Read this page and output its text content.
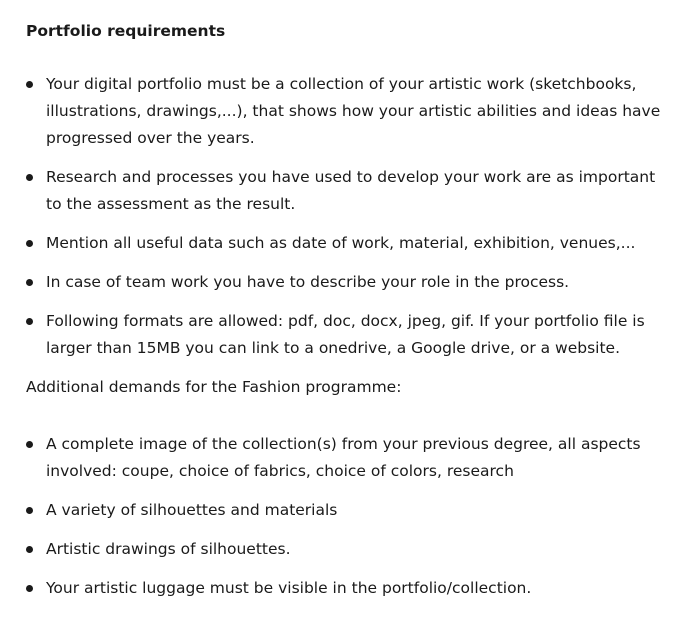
Portfolio requirements
Your digital portfolio must be a collection of your artistic work (sketchbooks, illustrations, drawings,...), that shows how your artistic abilities and ideas have progressed over the years.
Research and processes you have used to develop your work are as important to the assessment as the result.
Mention all useful data such as date of work, material, exhibition, venues,...
In case of team work you have to describe your role in the process.
Following formats are allowed: pdf, doc, docx, jpeg, gif. If your portfolio file is larger than 15MB you can link to a onedrive, a Google drive, or a website.
Additional demands for the Fashion programme:
A complete image of the collection(s) from your previous degree, all aspects involved: coupe, choice of fabrics, choice of colors, research
A variety of silhouettes and materials
Artistic drawings of silhouettes.
Your artistic luggage must be visible in the portfolio/collection.
